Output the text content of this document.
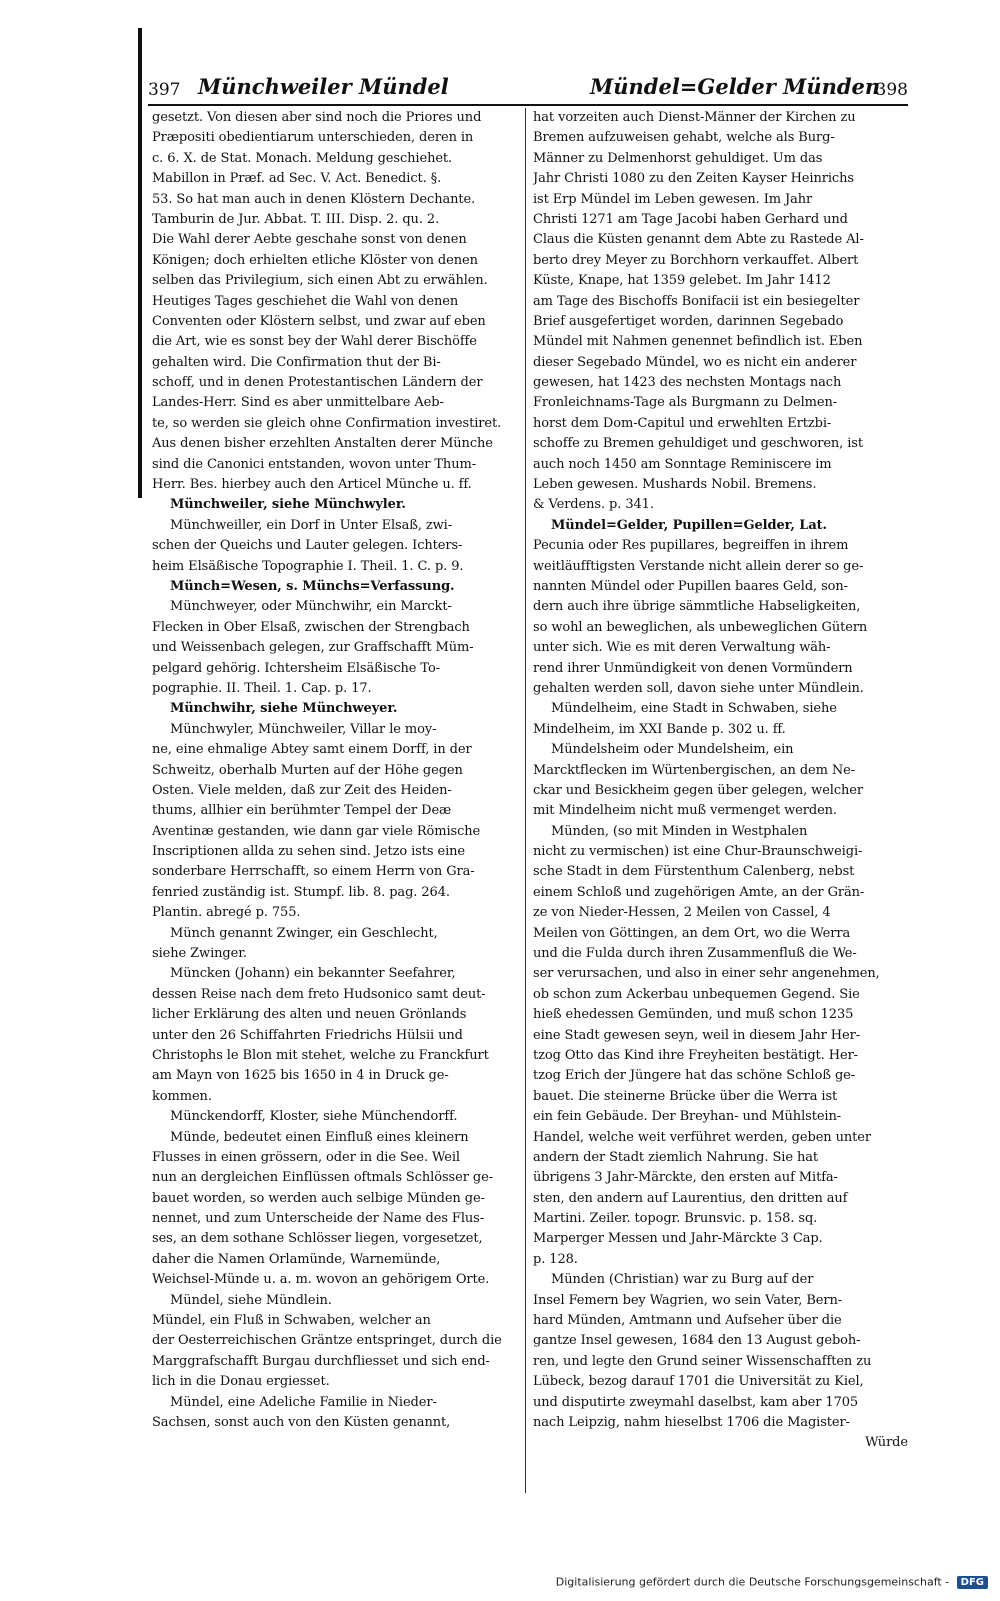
397 Münchweiler Mündel	Mündel=Gelder Münden
398
gesetzt. Von diesen aber sind noch die Priores und
Præpositi obedientiarum unterschieden, deren in
c. 6. X. de Stat. Monach. Meldung geschiehet.
Mabillon in Præf. ad Sec. V. Act. Benedict. §.
53. So hat man auch in denen Klöstern Dechante.
Tamburin de Jur. Abbat. T. III. Disp. 2. qu. 2.
Die Wahl derer Aebte geschahe sonst von denen
Königen; doch erhielten etliche Klöster von denen
selben das Privilegium, sich einen Abt zu erwählen.
Heutiges Tages geschiehet die Wahl von denen
Conventen oder Klöstern selbst, und zwar auf eben
die Art, wie es sonst bey der Wahl derer Bischöffe
gehalten wird. Die Confirmation thut der Bi-
schoff, und in denen Protestantischen Ländern der
Landes-Herr. Sind es aber unmittelbare Aeb-
te, so werden sie gleich ohne Confirmation investiret.
Aus denen bisher erzehlten Anstalten derer Münche
sind die Canonici entstanden, wovon unter Thum-
Herr. Bes. hierbey auch den Articel Münche u. ff.
Münchweiler, siehe Münchwyler.
Münchweiller, ein Dorf in Unter Elsaß, zwi-
schen der Queichs und Lauter gelegen. Ichters-
heim Elsäßische Topographie I. Theil. 1. C. p. 9.
Münch=Wesen, s. Münchs=Verfassung.
Münchweyer, oder Münchwihr, ein Marckt-
Flecken in Ober Elsaß, zwischen der Strengbach
und Weissenbach gelegen, zur Graffschafft Müm-
pelgard gehörig. Ichtersheim Elsäßische To-
pographie. II. Theil. 1. Cap. p. 17.
Münchwihr, siehe Münchweyer.
Münchwyler, Münchweiler, Villar le moy-
ne, eine ehmalige Abtey samt einem Dorff, in der
Schweitz, oberhalb Murten auf der Höhe gegen
Osten. Viele melden, daß zur Zeit des Heiden-
thums, allhier ein berühmter Tempel der Deæ
Aventinæ gestanden, wie dann gar viele Römische
Inscriptionen allda zu sehen sind. Jetzo ists eine
sonderbare Herrschafft, so einem Herrn von Gra-
fenried zuständig ist. Stumpf. lib. 8. pag. 264.
Plantin. abregé p. 755.
Münch genannt Zwinger, ein Geschlecht,
siehe Zwinger.
Müncken (Johann) ein bekannter Seefahrer,
dessen Reise nach dem freto Hudsonico samt deut-
licher Erklärung des alten und neuen Grönlands
unter den 26 Schiffahrten Friedrichs Hülsii und
Christophs le Blon mit stehet, welche zu Franckfurt
am Mayn von 1625 bis 1650 in 4 in Druck ge-
kommen.
Münckendorff, Kloster, siehe Münchendorff.
Münde, bedeutet einen Einfluß eines kleinern
Flusses in einen grössern, oder in die See. Weil
nun an dergleichen Einflüssen oftmals Schlösser ge-
bauet worden, so werden auch selbige Münden ge-
nennet, und zum Unterscheide der Name des Flus-
ses, an dem sothane Schlösser liegen, vorgesetzet,
daher die Namen Orlamünde, Warnemünde,
Weichsel-Münde u. a. m. wovon an gehörigem Orte.
Mündel, siehe Mündlein.
Mündel, ein Fluß in Schwaben, welcher an
der Oesterreichischen Gräntze entspringet, durch die
Marggrafschafft Burgau durchfliesset und sich end-
lich in die Donau ergiesset.
Mündel, eine Adeliche Familie in Nieder-
Sachsen, sonst auch von den Küsten genannt,
hat vorzeiten auch Dienst-Männer der Kirchen zu
Bremen aufzuweisen gehabt, welche als Burg-
Männer zu Delmenhorst gehuldiget. Um das
Jahr Christi 1080 zu den Zeiten Kayser Heinrichs
ist Erp Mündel im Leben gewesen. Im Jahr
Christi 1271 am Tage Jacobi haben Gerhard und
Claus die Küsten genannt dem Abte zu Rastede Al-
berto drey Meyer zu Borchhorn verkauffet. Albert
Küste, Knape, hat 1359 gelebet. Im Jahr 1412
am Tage des Bischoffs Bonifacii ist ein besiegelter
Brief ausgefertiget worden, darinnen Segebado
Mündel mit Nahmen genennet befindlich ist. Eben
dieser Segebado Mündel, wo es nicht ein anderer
gewesen, hat 1423 des nechsten Montags nach
Fronleichnams-Tage als Burgmann zu Delmen-
horst dem Dom-Capitul und erwehlten Ertzbi-
schoffe zu Bremen gehuldiget und geschworen, ist
auch noch 1450 am Sonntage Reminiscere im
Leben gewesen. Mushards Nobil. Bremens.
& Verdens. p. 341.
Mündel=Gelder, Pupillen=Gelder, Lat.
Pecunia oder Res pupillares, begreiffen in ihrem
weitläufftigsten Verstande nicht allein derer so ge-
nannten Mündel oder Pupillen baares Geld, son-
dern auch ihre übrige sämmtliche Habseligkeiten,
so wohl an beweglichen, als unbeweglichen Gütern
unter sich. Wie es mit deren Verwaltung wäh-
rend ihrer Unmündigkeit von denen Vormündern
gehalten werden soll, davon siehe unter Mündlein.
Mündelheim, eine Stadt in Schwaben, siehe
Mindelheim, im XXI Bande p. 302 u. ff.
Mündelsheim oder Mundelsheim, ein
Marcktflecken im Würtenbergischen, an dem Ne-
ckar und Besickheim gegen über gelegen, welcher
mit Mindelheim nicht muß vermenget werden.
Münden, (so mit Minden in Westphalen
nicht zu vermischen) ist eine Chur-Braunschweigi-
sche Stadt in dem Fürstenthum Calenberg, nebst
einem Schloß und zugehörigen Amte, an der Grän-
ze von Nieder-Hessen, 2 Meilen von Cassel, 4
Meilen von Göttingen, an dem Ort, wo die Werra
und die Fulda durch ihren Zusammenfluß die We-
ser verursachen, und also in einer sehr angenehmen,
ob schon zum Ackerbau unbequemen Gegend. Sie
hieß ehedessen Gemünden, und muß schon 1235
eine Stadt gewesen seyn, weil in diesem Jahr Her-
tzog Otto das Kind ihre Freyheiten bestätigt. Her-
tzog Erich der Jüngere hat das schöne Schloß ge-
bauet. Die steinerne Brücke über die Werra ist
ein fein Gebäude. Der Breyhan- und Mühlstein-
Handel, welche weit verführet werden, geben unter
andern der Stadt ziemlich Nahrung. Sie hat
übrigens 3 Jahr-Märckte, den ersten auf Mitfa-
sten, den andern auf Laurentius, den dritten auf
Martini. Zeiler. topogr. Brunsvic. p. 158. sq.
Marperger Messen und Jahr-Märckte 3 Cap.
p. 128.
Münden (Christian) war zu Burg auf der
Insel Femern bey Wagrien, wo sein Vater, Bern-
hard Münden, Amtmann und Aufseher über die
gantze Insel gewesen, 1684 den 13 August geboh-
ren, und legte den Grund seiner Wissenschafften zu
Lübeck, bezog darauf 1701 die Universität zu Kiel,
und disputirte zweymahl daselbst, kam aber 1705
nach Leipzig, nahm hieselbst 1706 die Magister-
Würde
Digitalisierung gefördert durch die Deutsche Forschungsgemeinschaft - DFG
